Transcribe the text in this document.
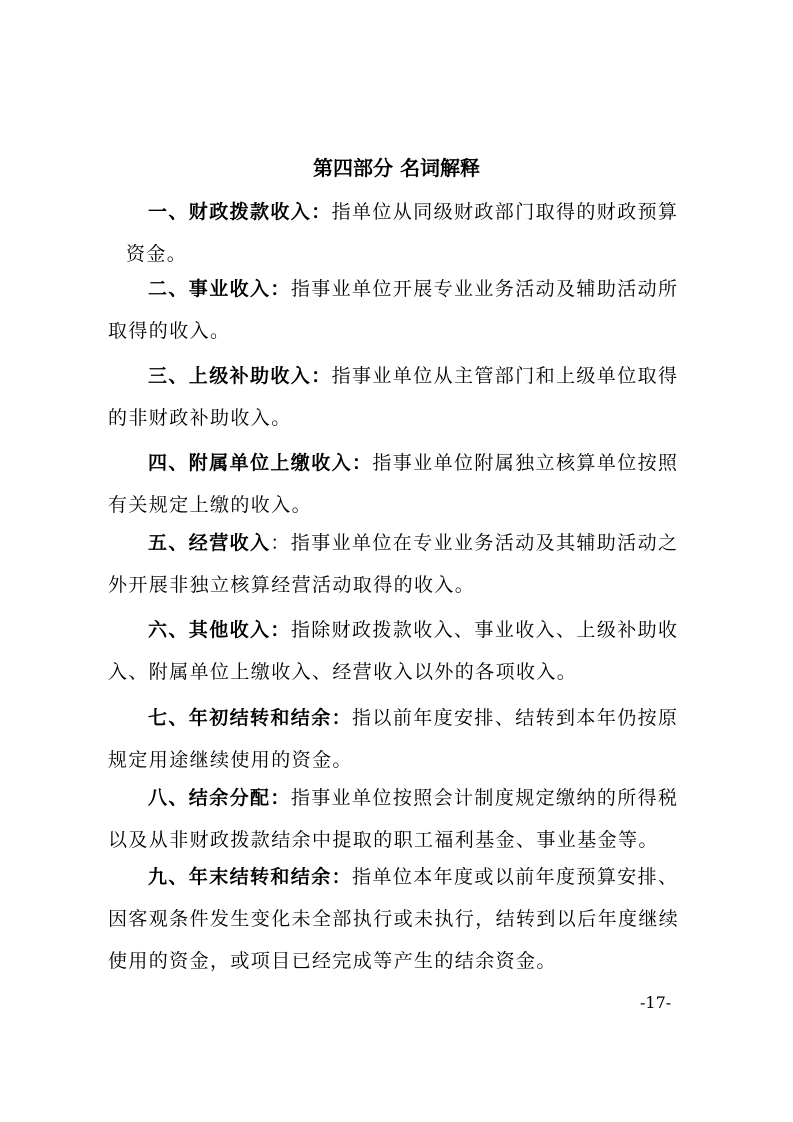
第四部分 名词解释
一、财政拨款收入：指单位从同级财政部门取得的财政预算
资金。
二、事业收入：指事业单位开展专业业务活动及辅助活动所取得的收入。
三、上级补助收入：指事业单位从主管部门和上级单位取得的非财政补助收入。
四、附属单位上缴收入：指事业单位附属独立核算单位按照有关规定上缴的收入。
五、经营收入：指事业单位在专业业务活动及其辅助活动之外开展非独立核算经营活动取得的收入。
六、其他收入：指除财政拨款收入、事业收入、上级补助收入、附属单位上缴收入、经营收入以外的各项收入。
七、年初结转和结余：指以前年度安排、结转到本年仍按原规定用途继续使用的资金。
八、结余分配：指事业单位按照会计制度规定缴纳的所得税以及从非财政拨款结余中提取的职工福利基金、事业基金等。
九、年末结转和结余：指单位本年度或以前年度预算安排、因客观条件发生变化未全部执行或未执行，结转到以后年度继续使用的资金，或项目已经完成等产生的结余资金。
-17-
